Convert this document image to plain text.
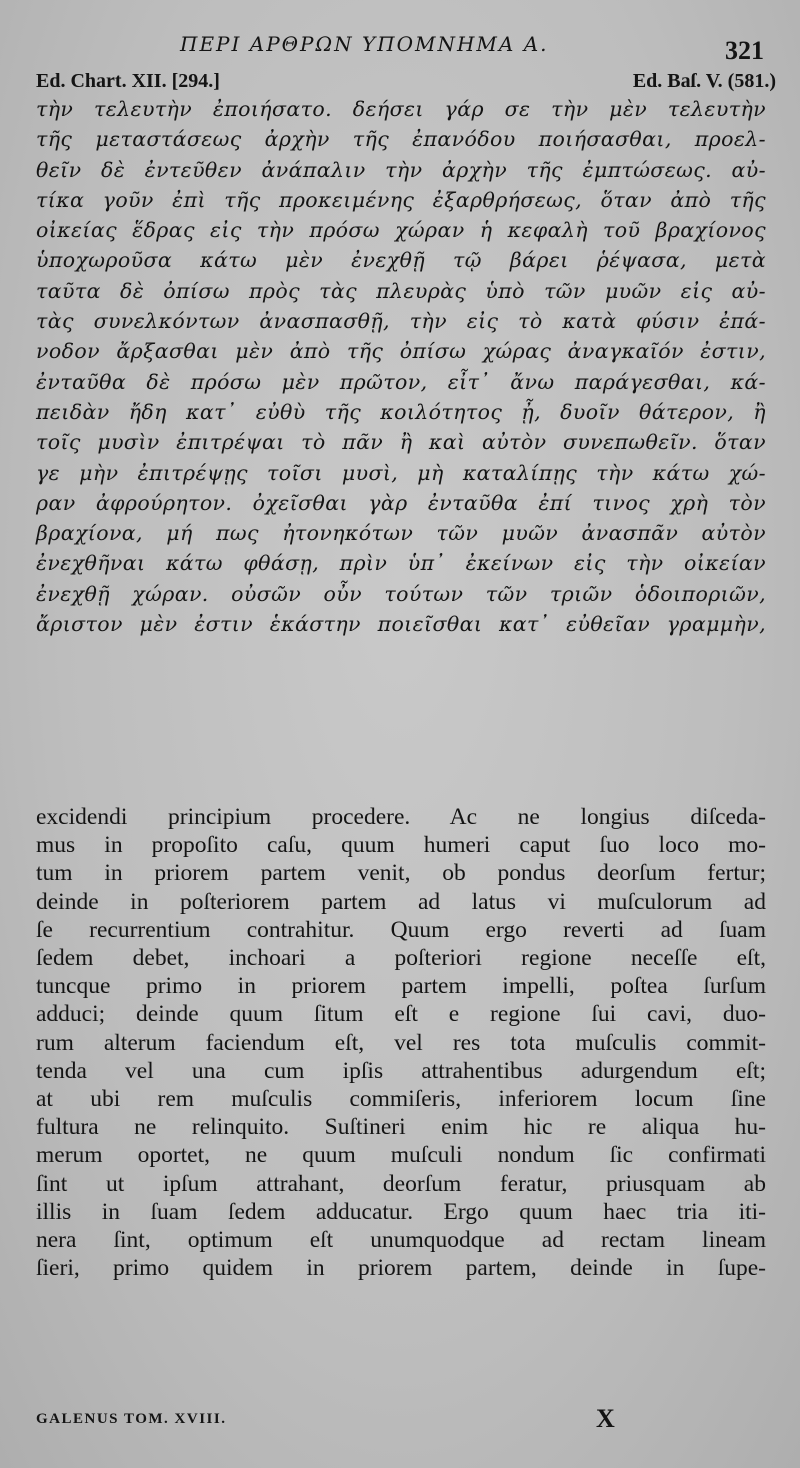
ΠΕΡΙ ΑΡΘΡΩΝ ΥΠΟΜΝΗΜΑ Α.	321
Ed. Chart. XII. [294.]	Ed. Baſ. V. (581.)
τὴν τελευτὴν ἐποιήσατο. δεήσει γάρ σε τὴν μὲν τελευτὴν
τῆς μεταστάσεως ἀρχὴν τῆς ἐπανόδου ποιήσασθαι, προελ-
θεῖν δὲ ἐντεῦθεν ἀνάπαλιν τὴν ἀρχὴν τῆς ἐμπτώσεως. αὐ-
τίκα γοῦν ἐπὶ τῆς προκειμένης ἐξαρθρήσεως, ὅταν ἀπὸ τῆς
οἰκείας ἕδρας εἰς τὴν πρόσω χώραν ἡ κεφαλὴ τοῦ βραχίονος
ὑποχωροῦσα κάτω μὲν ἐνεχθῇ τῷ βάρει ῥέψασα, μετὰ
ταῦτα δὲ ὀπίσω πρὸς τὰς πλευρὰς ὑπὸ τῶν μυῶν εἰς αὐ-
τὰς συνελκόντων ἀνασπασθῇ, τὴν εἰς τὸ κατὰ φύσιν ἐπά-
νοδον ἄρξασθαι μὲν ἀπὸ τῆς ὀπίσω χώρας ἀναγκαῖόν ἐστιν,
ἐνταῦθα δὲ πρόσω μὲν πρῶτον, εἶτ᾽ ἄνω παράγεσθαι, κά-
πειδὰν ἤδη κατ᾽ εὐθὺ τῆς κοιλότητος ᾖ, δυοῖν θάτερον, ἢ
τοῖς μυσὶν ἐπιτρέψαι τὸ πᾶν ἢ καὶ αὐτὸν συνεπωθεῖν. ὅταν
γε μὴν ἐπιτρέψῃς τοῖσι μυσὶ, μὴ καταλίπῃς τὴν κάτω χώ-
ραν ἀφρούρητον. ὀχεῖσθαι γὰρ ἐνταῦθα ἐπί τινος χρὴ τὸν
βραχίονα, μή πως ἠτονηκότων τῶν μυῶν ἀνασπᾶν αὐτὸν
ἐνεχθῆναι κάτω φθάσῃ, πρὶν ὑπ᾽ ἐκείνων εἰς τὴν οἰκείαν
ἐνεχθῇ χώραν. οὐσῶν οὖν τούτων τῶν τριῶν ὁδοιποριῶν,
ἄριστον μὲν ἐστιν ἑκάστην ποιεῖσθαι κατ᾽ εὐθεῖαν γραμμὴν,
excidendi principium procedere. Ac ne longius diſceda-
mus in propoſito caſu, quum humeri caput ſuo loco mo-
tum in priorem partem venit, ob pondus deorſum fertur;
deinde in poſteriorem partem ad latus vi muſculorum ad
ſe recurrentium contrahitur. Quum ergo reverti ad ſuam
ſedem debet, inchoari a poſteriori regione neceſſe eſt,
tuncque primo in priorem partem impelli, poſtea ſurſum
adduci; deinde quum ſitum eſt e regione ſui cavi, duo-
rum alterum faciendum eſt, vel res tota muſculis commit-
tenda vel una cum ipſis attrahentibus adurgendum eſt;
at ubi rem muſculis commiſeris, inferiorem locum ſine
fultura ne relinquito. Suſtineri enim hic re aliqua hu-
merum oportet, ne quum muſculi nondum ſic confirmati
ſint ut ipſum attrahant, deorſum feratur, priusquam ab
illis in ſuam ſedem adducatur. Ergo quum haec tria iti-
nera ſint, optimum eſt unumquodque ad rectam lineam
ſieri, primo quidem in priorem partem, deinde in ſupe-
GALENUS TOM. XVIII.	X
